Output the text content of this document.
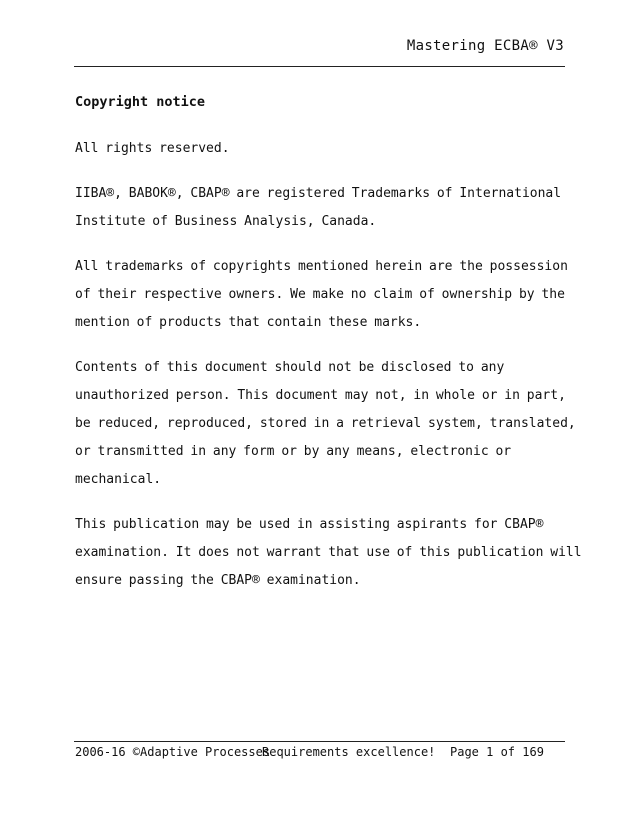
Mastering ECBA® V3
Copyright notice

All rights reserved.

IIBA®, BABOK®, CBAP® are registered Trademarks of International
Institute of Business Analysis, Canada.

All trademarks of copyrights mentioned herein are the possession
of their respective owners. We make no claim of ownership by the
mention of products that contain these marks.

Contents of this document should not be disclosed to any
unauthorized person. This document may not, in whole or in part,
be reduced, reproduced, stored in a retrieval system, translated,
or transmitted in any form or by any means, electronic or
mechanical.

This publication may be used in assisting aspirants for CBAP®
examination. It does not warrant that use of this publication will
ensure passing the CBAP® examination.

2006-16 ©Adaptive Processes
Requirements excellence! Page 1 of 169
